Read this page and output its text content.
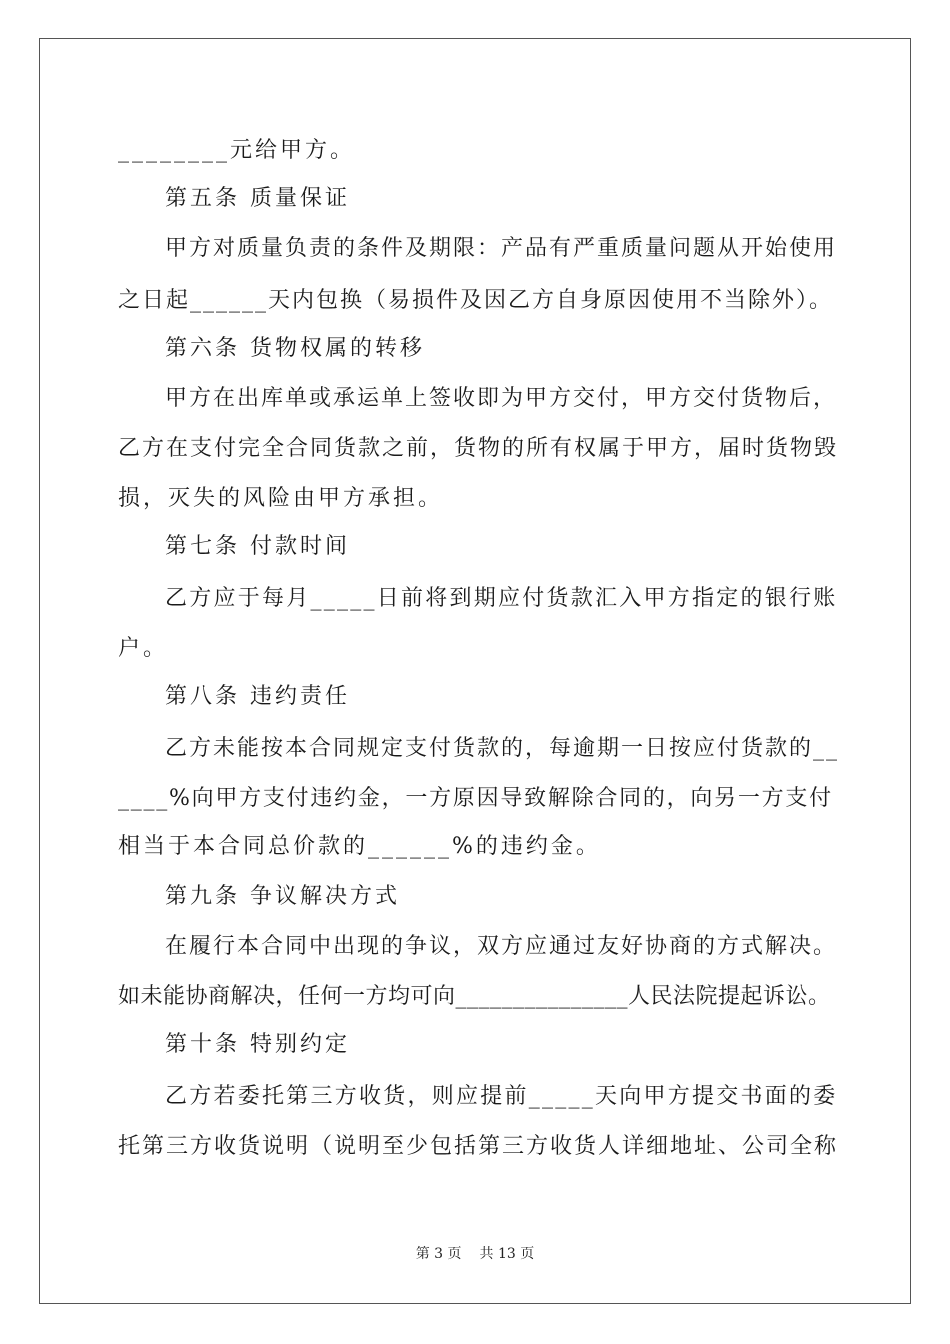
________元给甲方。
第五条 质量保证
甲方对质量负责的条件及期限：产品有严重质量问题从开始使用
之日起______天内包换（易损件及因乙方自身原因使用不当除外）。
第六条 货物权属的转移
甲方在出库单或承运单上签收即为甲方交付，甲方交付货物后，
乙方在支付完全合同货款之前，货物的所有权属于甲方，届时货物毁
损，灭失的风险由甲方承担。
第七条 付款时间
乙方应于每月_____日前将到期应付货款汇入甲方指定的银行账
户。
第八条 违约责任
乙方未能按本合同规定支付货款的，每逾期一日按应付货款的__
____%向甲方支付违约金，一方原因导致解除合同的，向另一方支付
相当于本合同总价款的______%的违约金。
第九条 争议解决方式
在履行本合同中出现的争议，双方应通过友好协商的方式解决。
如未能协商解决，任何一方均可向_______________人民法院提起诉讼。
第十条 特别约定
乙方若委托第三方收货，则应提前_____天向甲方提交书面的委
托第三方收货说明（说明至少包括第三方收货人详细地址、公司全称
第 3 页 共 13 页
